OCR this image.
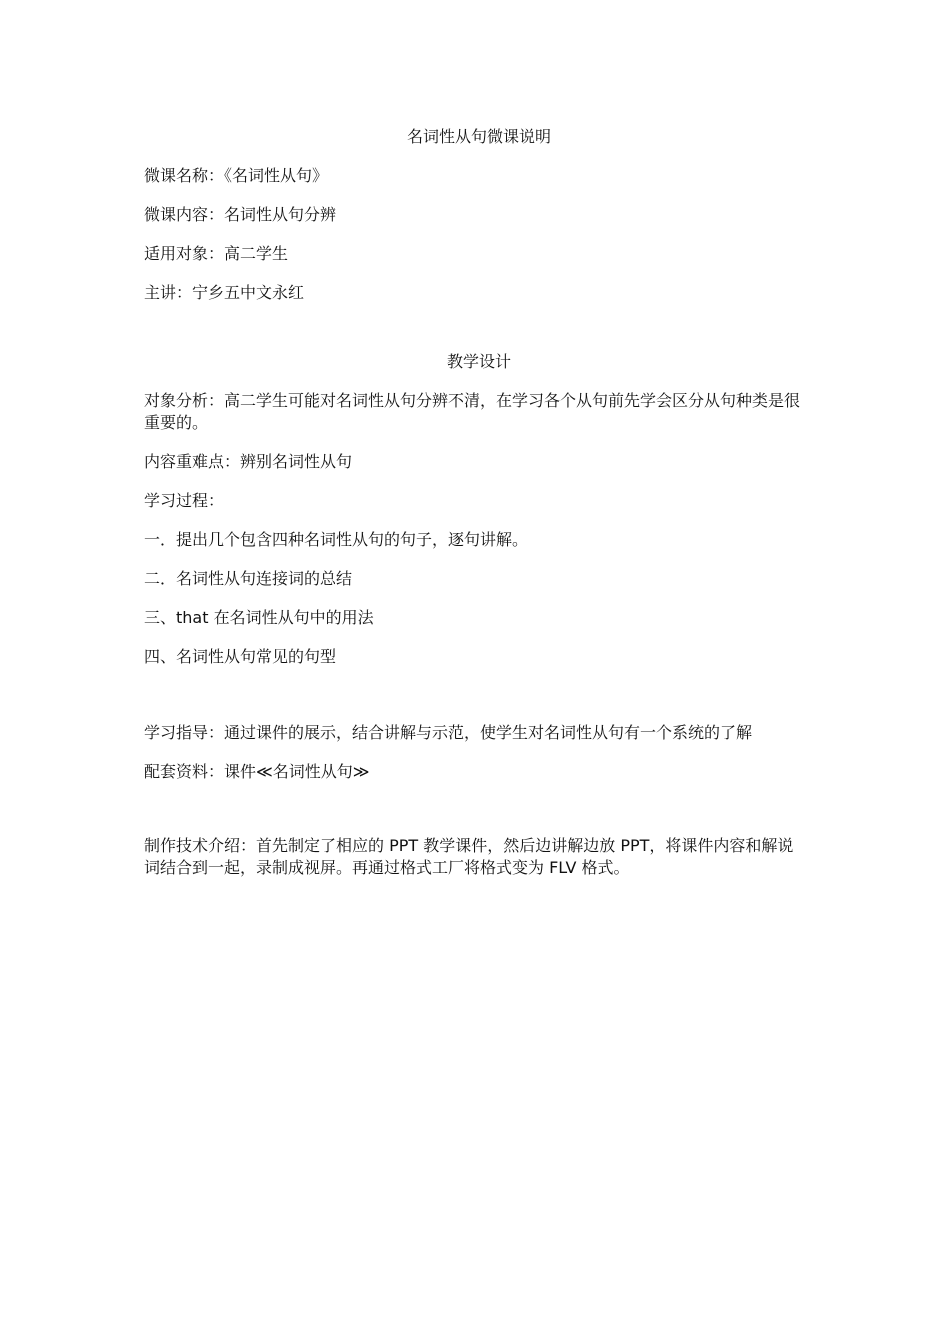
名词性从句微课说明

微课名称：《名词性从句》

微课内容：名词性从句分辨

适用对象：高二学生

主讲：宁乡五中文永红

教学设计

对象分析：高二学生可能对名词性从句分辨不清，在学习各个从句前先学会区分从句种类是很重要的。

内容重难点：辨别名词性从句

学习过程：

一．提出几个包含四种名词性从句的句子，逐句讲解。

二．名词性从句连接词的总结

三、that 在名词性从句中的用法

四、名词性从句常见的句型

学习指导：通过课件的展示，结合讲解与示范，使学生对名词性从句有一个系统的了解

配套资料：课件≪名词性从句≫

制作技术介绍：首先制定了相应的 PPT 教学课件，然后边讲解边放 PPT，将课件内容和解说词结合到一起，录制成视屏。再通过格式工厂将格式变为 FLV 格式。
